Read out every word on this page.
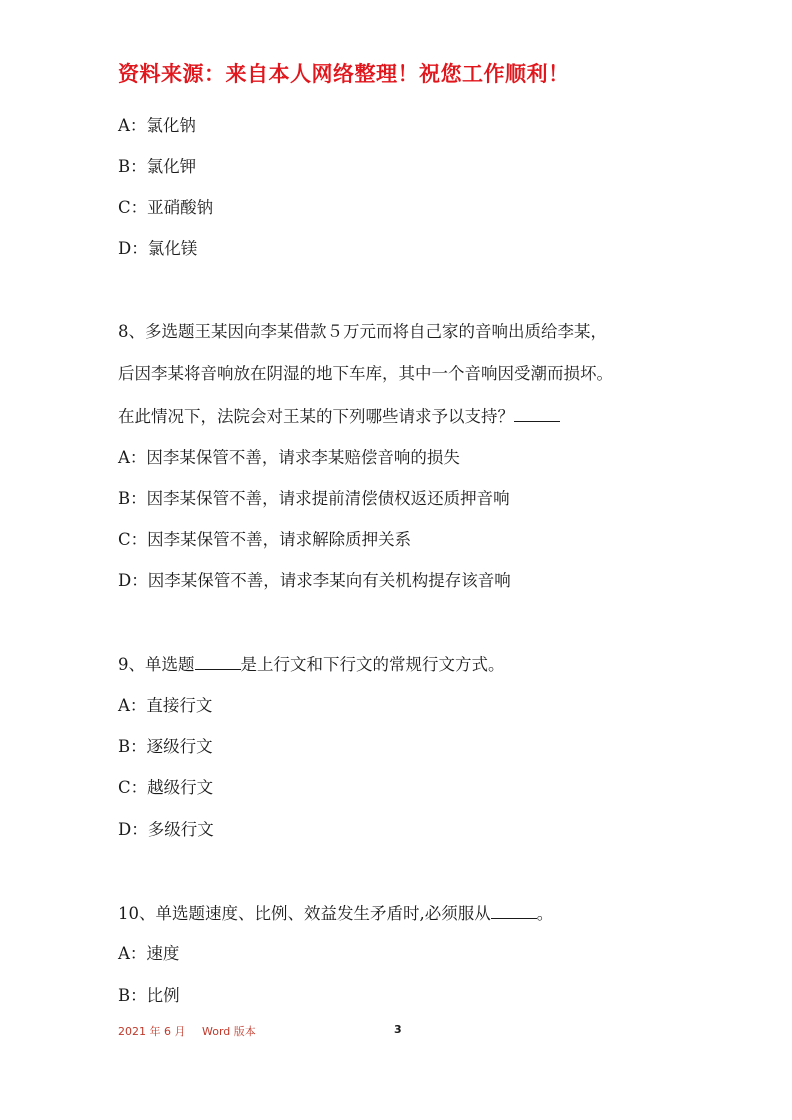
资料来源：来自本人网络整理！祝您工作顺利！
A：氯化钠
B：氯化钾
C：亚硝酸钠
D：氯化镁
8、多选题王某因向李某借款５万元而将自己家的音响出质给李某，
后因李某将音响放在阴湿的地下车库，其中一个音响因受潮而损坏。
在此情况下，法院会对王某的下列哪些请求予以支持？
A：因李某保管不善，请求李某赔偿音响的损失
B：因李某保管不善，请求提前清偿债权返还质押音响
C：因李某保管不善，请求解除质押关系
D：因李某保管不善，请求李某向有关机构提存该音响
9、单选题	是上行文和下行文的常规行文方式。
A：直接行文
B：逐级行文
C：越级行文
D：多级行文
10、单选题速度、比例、效益发生矛盾时,必须服从	。
A：速度
B：比例
2021 年 6 月 Word 版本	3
